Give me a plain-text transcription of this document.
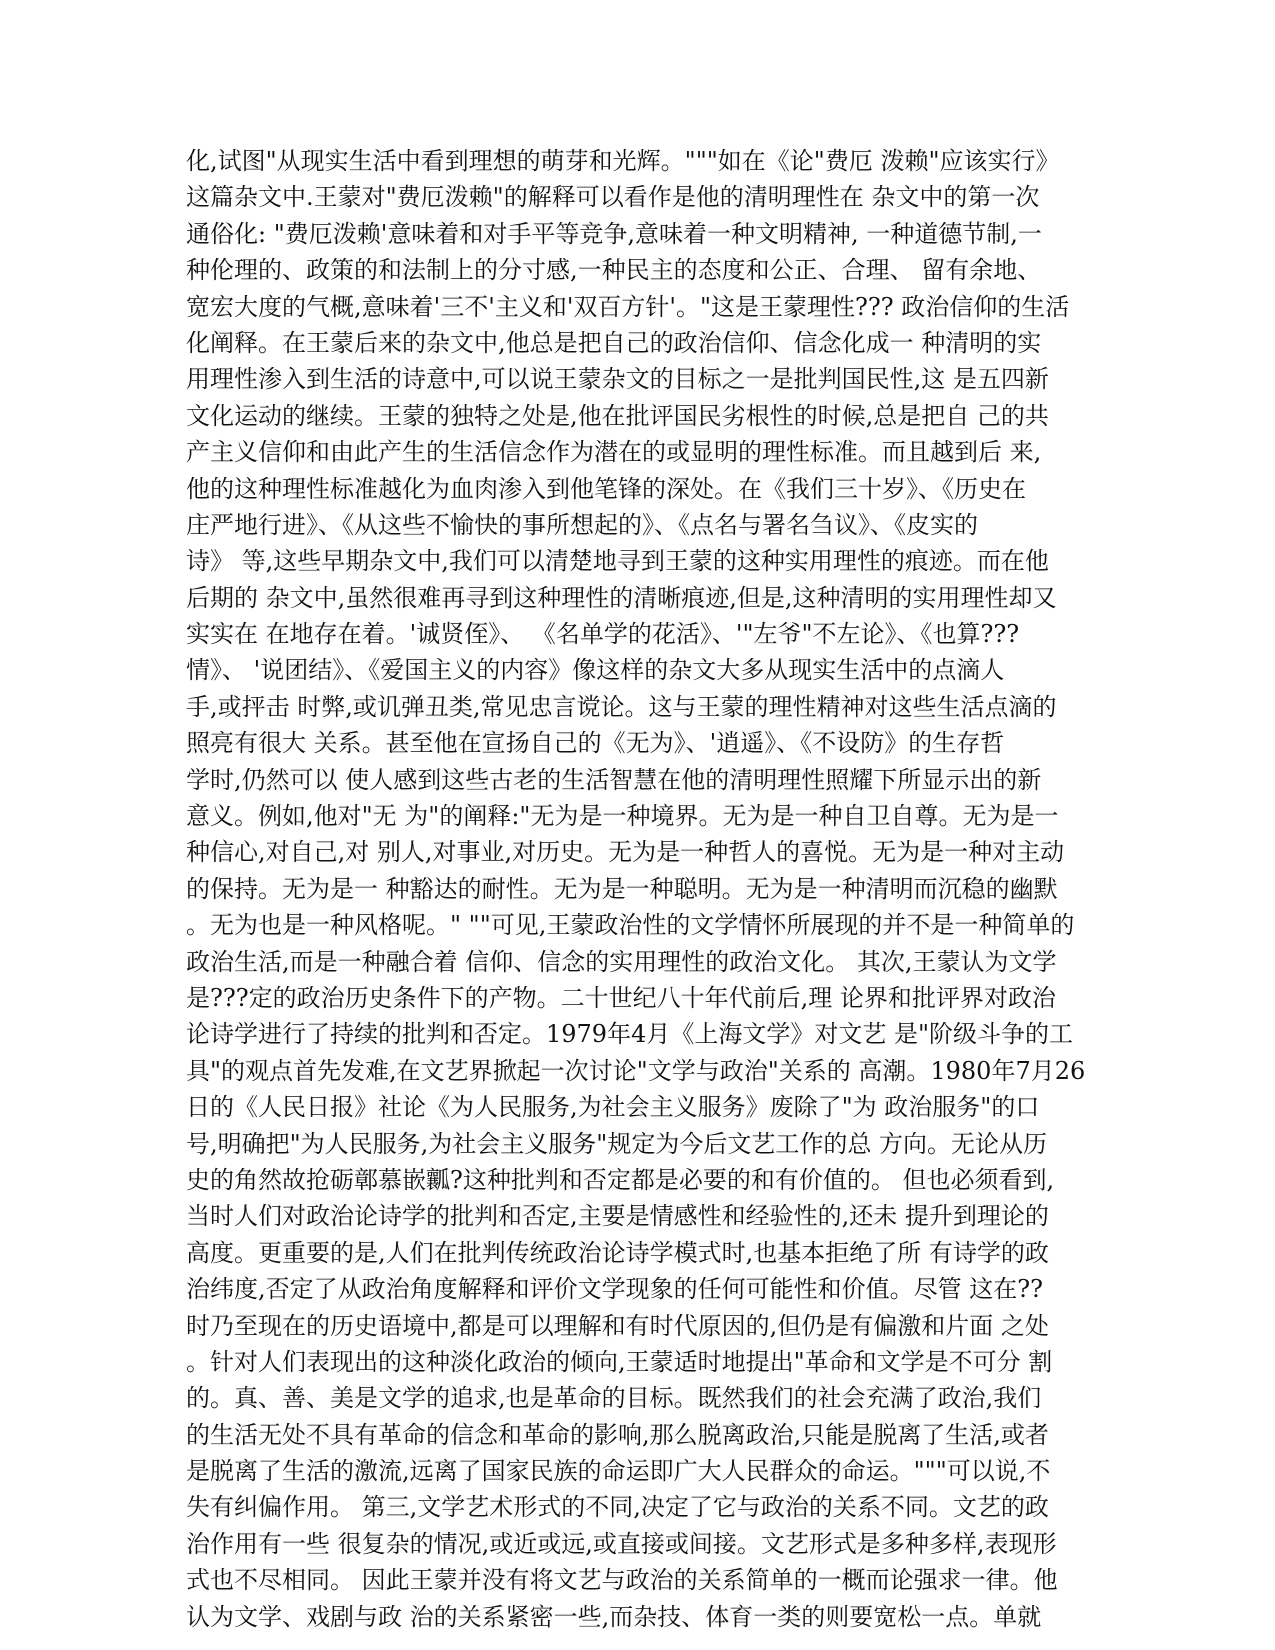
化,试图"从现实生活中看到理想的萌芽和光辉。"""如在《论"费厄 泼赖"应该实行》
这篇杂文中.王蒙对"费厄泼赖"的解释可以看作是他的清明理性在 杂文中的第一次
通俗化: "费厄泼赖'意味着和对手平等竞争,意味着一种文明精神, 一种道德节制,一
种伦理的、政策的和法制上的分寸感,一种民主的态度和公正、合理、 留有余地、
宽宏大度的气概,意味着'三不'主义和'双百方针'。"这是王蒙理性??? 政治信仰的生活
化阐释。在王蒙后来的杂文中,他总是把自己的政治信仰、信念化成一 种清明的实
用理性渗入到生活的诗意中,可以说王蒙杂文的目标之一是批判国民性,这 是五四新
文化运动的继续。王蒙的独特之处是,他在批评国民劣根性的时候,总是把自 己的共
产主义信仰和由此产生的生活信念作为潜在的或显明的理性标准。而且越到后 来,
他的这种理性标准越化为血肉渗入到他笔锋的深处。在《我们三十岁》、《历史在
庄严地行进》、《从这些不愉快的事所想起的》、《点名与署名刍议》、《皮实的
诗》 等,这些早期杂文中,我们可以清楚地寻到王蒙的这种实用理性的痕迹。而在他
后期的 杂文中,虽然很难再寻到这种理性的清晰痕迹,但是,这种清明的实用理性却又
实实在 在地存在着。'诚贤侄》、 《名单学的花活》、'"左爷"不左论》、《也算???
情》、 '说团结》、《爱国主义的内容》像这样的杂文大多从现实生活中的点滴人
手,或抨击 时弊,或讥弹丑类,常见忠言谠论。这与王蒙的理性精神对这些生活点滴的
照亮有很大 关系。甚至他在宣扬自己的《无为》、'逍遥》、《不设防》的生存哲
学时,仍然可以 使人感到这些古老的生活智慧在他的清明理性照耀下所显示出的新
意义。例如,他对"无 为"的阐释:"无为是一种境界。无为是一种自卫自尊。无为是一
种信心,对自己,对 别人,对事业,对历史。无为是一种哲人的喜悦。无为是一种对主动
的保持。无为是一 种豁达的耐性。无为是一种聪明。无为是一种清明而沉稳的幽默
。无为也是一种风格呢。" ""可见,王蒙政治性的文学情怀所展现的并不是一种简单的
政治生活,而是一种融合着 信仰、信念的实用理性的政治文化。 其次,王蒙认为文学
是???定的政治历史条件下的产物。二十世纪八十年代前后,理 论界和批评界对政治
论诗学进行了持续的批判和否定。1979年4月《上海文学》对文艺 是"阶级斗争的工
具"的观点首先发难,在文艺界掀起一次讨论"文学与政治"关系的 高潮。1980年7月26
日的《人民日报》社论《为人民服务,为社会主义服务》废除了"为 政治服务"的口
号,明确把"为人民服务,为社会主义服务"规定为今后文艺工作的总 方向。无论从历
史的角然故抢砺鄣慕嵌瓤?这种批判和否定都是必要的和有价值的。 但也必须看到,
当时人们对政治论诗学的批判和否定,主要是情感性和经验性的,还未 提升到理论的
高度。更重要的是,人们在批判传统政治论诗学模式时,也基本拒绝了所 有诗学的政
治纬度,否定了从政治角度解释和评价文学现象的任何可能性和价值。尽管 这在??
时乃至现在的历史语境中,都是可以理解和有时代原因的,但仍是有偏激和片面 之处
。针对人们表现出的这种淡化政治的倾向,王蒙适时地提出"革命和文学是不可分 割
的。真、善、美是文学的追求,也是革命的目标。既然我们的社会充满了政治,我们
的生活无处不具有革命的信念和革命的影响,那么脱离政治,只能是脱离了生活,或者
是脱离了生活的激流,远离了国家民族的命运即广大人民群众的命运。"""可以说,不
失有纠偏作用。 第三,文学艺术形式的不同,决定了它与政治的关系不同。文艺的政
治作用有一些 很复杂的情况,或近或远,或直接或间接。文艺形式是多种多样,表现形
式也不尽相同。 因此王蒙并没有将文艺与政治的关系简单的一概而论强求一律。他
认为文学、戏剧与政 治的关系紧密一些,而杂技、体育一类的则要宽松一点。单就
